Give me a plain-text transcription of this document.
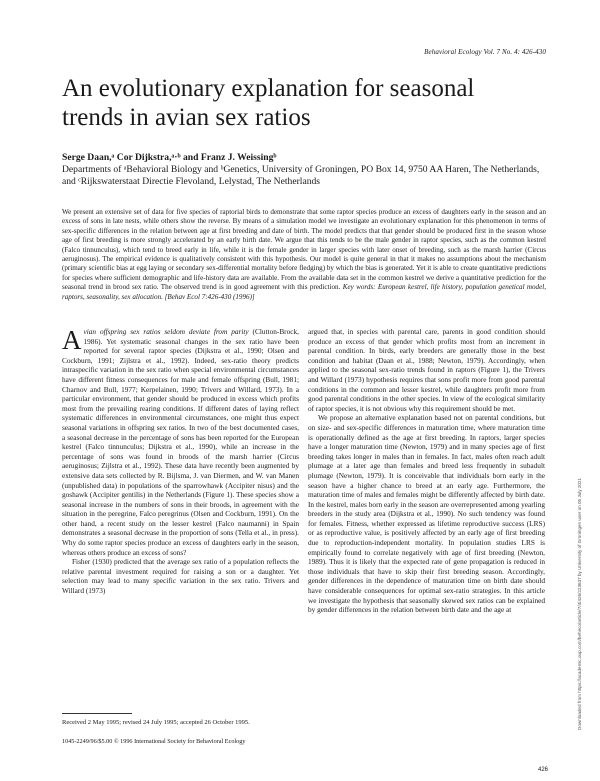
Behavioral Ecology Vol. 7 No. 4: 426-430
An evolutionary explanation for seasonal trends in avian sex ratios
Serge Daan,ᵃ Cor Dijkstra,ᵃ·ᵇ and Franz J. Weissingᵇ
Departments of ᵃBehavioral Biology and ᵇGenetics, University of Groningen, PO Box 14, 9750 AA Haren, The Netherlands, and ᶜRijkswaterstaat Directie Flevoland, Lelystad, The Netherlands
We present an extensive set of data for five species of raptorial birds to demonstrate that some raptor species produce an excess of daughters early in the season and an excess of sons in late nests, while others show the reverse. By means of a simulation model we investigate an evolutionary explanation for this phenomenon in terms of sex-specific differences in the relation between age at first breeding and date of birth. The model predicts that that gender should be produced first in the season whose age of first breeding is more strongly accelerated by an early birth date. We argue that this tends to be the male gender in raptor species, such as the common kestrel (Falco tinnunculus), which tend to breed early in life, while it is the female gender in larger species with later onset of breeding, such as the marsh harrier (Circus aeruginosus). The empirical evidence is qualitatively consistent with this hypothesis. Our model is quite general in that it makes no assumptions about the mechanism (primary scientific bias at egg laying or secondary sex-differential mortality before fledging) by which the bias is generated. Yet it is able to create quantitative predictions for species where sufficient demographic and life-history data are available. From the available data set in the common kestrel we derive a quantitative prediction for the seasonal trend in brood sex ratio. The observed trend is in good agreement with this prediction. Key words: European kestrel, life history, population genetical model, raptors, seasonality, sex allocation. [Behav Ecol 7:426-430 (1996)]
Downloaded from https://academic.oup.com/beheco/article/7/4/426/223637 by University of Groningen user on 05 July 2021

Avian offspring sex ratios seldom deviate from parity (Clutton-Brock, 1986). Yet systematic seasonal changes in the sex ratio have been reported for several raptor species (Dijkstra et al., 1990; Olsen and Cockburn, 1991; Zijlstra et al., 1992). Indeed, sex-ratio theory predicts intraspecific variation in the sex ratio when special environmental circumstances have different fitness consequences for male and female offspring (Bull, 1981; Charnov and Bull, 1977; Kerpelainen, 1990; Trivers and Willard, 1973). In a particular environment, that gender should be produced in excess which profits most from the prevailing rearing conditions. If different dates of laying reflect systematic differences in environmental circumstances, one might thus expect seasonal variations in offspring sex ratios. In two of the best documented cases, a seasonal decrease in the percentage of sons has been reported for the European kestrel (Falco tinnunculus; Dijkstra et al., 1990), while an increase in the percentage of sons was found in broods of the marsh harrier (Circus aeruginosus; Zijlstra et al., 1992). These data have recently been augmented by extensive data sets collected by R. Bijlsma, J. van Diermen, and W. van Manen (unpublished data) in populations of the sparrowhawk (Accipiter nisus) and the goshawk (Accipiter gentilis) in the Netherlands (Figure 1). These species show a seasonal increase in the numbers of sons in their broods, in agreement with the situation in the peregrine, Falco peregrinus (Olsen and Cockburn, 1991). On the other hand, a recent study on the lesser kestrel (Falco naumanni) in Spain demonstrates a seasonal decrease in the proportion of sons (Tella et al., in press). Why do some raptor species produce an excess of daughters early in the season, whereas others produce an excess of sons?

Fisher (1930) predicted that the average sex ratio of a population reflects the relative parental investment required for raising a son or a daughter. Yet selection may lead to many specific variation in the sex ratio. Trivers and Willard (1973)

argued that, in species with parental care, parents in good condition should produce an excess of that gender which profits most from an increment in parental condition. In birds, early breeders are generally those in the best condition and habitat (Daan et al., 1988; Newton, 1979). Accordingly, when applied to the seasonal sex-ratio trends found in raptors (Figure 1), the Trivers and Willard (1973) hypothesis requires that sons profit more from good parental conditions in the common and lesser kestrel, while daughters profit more from good parental conditions in the other species. In view of the ecological similarity of raptor species, it is not obvious why this requirement should be met.

We propose an alternative explanation based not on parental conditions, but on size- and sex-specific differences in maturation time, where maturation time is operationally defined as the age at first breeding. In raptors, larger species have a longer maturation time (Newton, 1979) and in many species age of first breeding takes longer in males than in females. In fact, males often reach adult plumage at a later age than females and breed less frequently in subadult plumage (Newton, 1979). It is conceivable that individuals born early in the season have a higher chance to breed at an early age. Furthermore, the maturation time of males and females might be differently affected by birth date. In the kestrel, males born early in the season are overrepresented among yearling breeders in the study area (Dijkstra et al., 1990). No such tendency was found for females. Fitness, whether expressed as lifetime reproductive success (LRS) or as reproductive value, is positively affected by an early age of first breeding due to reproduction-independent mortality. In population studies LRS is empirically found to correlate negatively with age of first breeding (Newton, 1989). Thus it is likely that the expected rate of gene propagation is reduced in those individuals that have to skip their first breeding season. Accordingly, gender differences in the dependence of maturation time on birth date should have considerable consequences for optimal sex-ratio strategies. In this article we investigate the hypothesis that seasonally skewed sex ratios can be explained by gender differences in the relation between birth date and the age at

Received 2 May 1995; revised 24 July 1995; accepted 26 October 1995.
1045-2249/96/$5.00 © 1996 International Society for Behavioral Ecology
426
